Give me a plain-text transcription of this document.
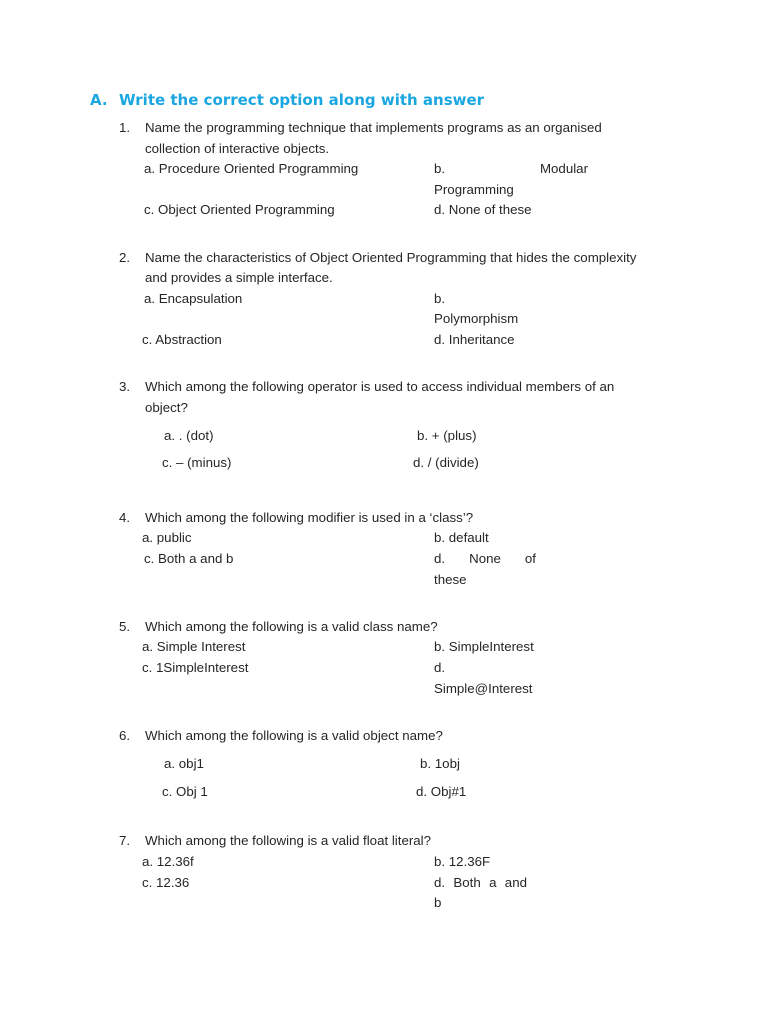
A. Write the correct option along with answer
1. Name the programming technique that implements programs as an organised
collection of interactive objects.
a. Procedure Oriented Programming	b.	Modular
Programming
c. Object Oriented Programming	d. None of these
2. Name the characteristics of Object Oriented Programming that hides the complexity
and provides a simple interface.
a. Encapsulation	b.
Polymorphism
c. Abstraction	d. Inheritance
3. Which among the following operator is used to access individual members of an
object?
a. . (dot)	b. + (plus)
c. – (minus)	d. / (divide)
4. Which among the following modifier is used in a ‘class’?
a. public	b. default
c. Both a and b	d. None of
these
5. Which among the following is a valid class name?
a. Simple Interest	b. SimpleInterest
c. 1SimpleInterest	d.
Simple@Interest
6. Which among the following is a valid object name?
a. obj1	b. 1obj
c. Obj 1	d. Obj#1
7. Which among the following is a valid float literal?
a. 12.36f	b. 12.36F
c. 12.36	d. Both a and
b
